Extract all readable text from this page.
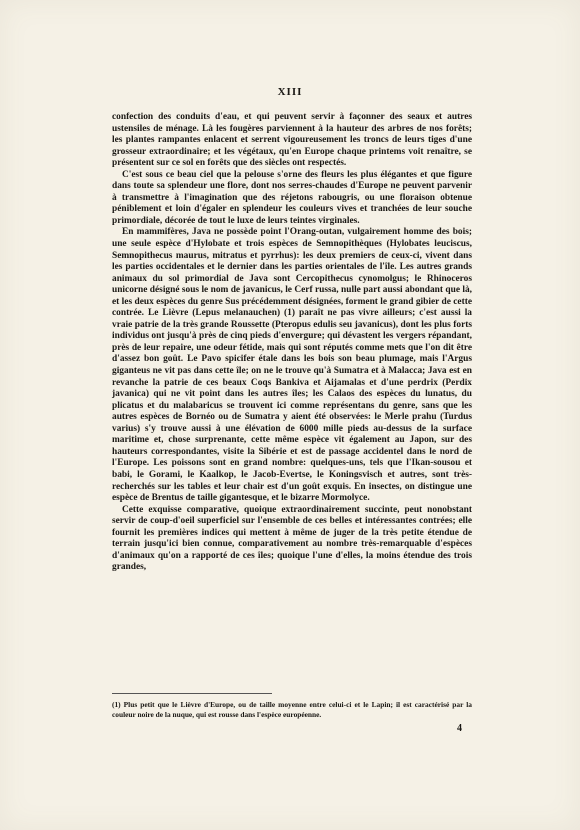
XIII

confection des conduits d'eau, et qui peuvent servir à façonner des seaux et autres ustensiles de ménage. Là les fougères parviennent à la hauteur des arbres de nos forêts; les plantes rampantes enlacent et serrent vigoureusement les troncs de leurs tiges d'une grosseur extraordinaire; et les végétaux, qu'en Europe chaque printems voit renaître, se présentent sur ce sol en forêts que des siècles ont respectés.

C'est sous ce beau ciel que la pelouse s'orne des fleurs les plus élégantes et que figure dans toute sa splendeur une flore, dont nos serres-chaudes d'Europe ne peuvent parvenir à transmettre à l'imagination que des réjetons rabougris, ou une floraison obtenue péniblement et loin d'égaler en splendeur les couleurs vives et tranchées de leur souche primordiale, décorée de tout le luxe de leurs teintes virginales.

En mammifères, Java ne possède point l'Orang-outan, vulgairement homme des bois; une seule espèce d'Hylobate et trois espèces de Semnopithèques (Hylobates leuciscus, Semnopithecus maurus, mitratus et pyrrhus): les deux premiers de ceux-ci, vivent dans les parties occidentales et le dernier dans les parties orientales de l'île. Les autres grands animaux du sol primordial de Java sont Cercopithecus cynomolgus; le Rhinoceros unicorne désigné sous le nom de javanicus, le Cerf russa, nulle part aussi abondant que là, et les deux espèces du genre Sus précédemment désignées, forment le grand gibier de cette contrée. Le Lièvre (Lepus melanauchen) (1) paraît ne pas vivre ailleurs; c'est aussi la vraie patrie de la très grande Roussette (Pteropus edulis seu javanicus), dont les plus forts individus ont jusqu'à près de cinq pieds d'envergure; qui dévastent les vergers répandant, près de leur repaire, une odeur fétide, mais qui sont réputés comme mets que l'on dit être d'assez bon goût. Le Pavo spicifer étale dans les bois son beau plumage, mais l'Argus giganteus ne vit pas dans cette île; on ne le trouve qu'à Sumatra et à Malacca; Java est en revanche la patrie de ces beaux Coqs Bankiva et Aijamalas et d'une perdrix (Perdix javanica) qui ne vit point dans les autres îles; les Calaos des espèces du lunatus, du plicatus et du malabaricus se trouvent ici comme représentans du genre, sans que les autres espèces de Bornéo ou de Sumatra y aient été observées: le Merle prahu (Turdus varius) s'y trouve aussi à une élévation de 6000 mille pieds au-dessus de la surface maritime et, chose surprenante, cette même espèce vit également au Japon, sur des hauteurs correspondantes, visite la Sibérie et est de passage accidentel dans le nord de l'Europe. Les poissons sont en grand nombre: quelques-uns, tels que l'Ikan-sousou et babi, le Gorami, le Kaalkop, le Jacob-Evertse, le Koningsvisch et autres, sont très-recherchés sur les tables et leur chair est d'un goût exquis. En insectes, on distingue une espèce de Brentus de taille gigantesque, et le bizarre Mormolyce.

Cette exquisse comparative, quoique extraordinairement succinte, peut nonobstant servir de coup-d'oeil superficiel sur l'ensemble de ces belles et intéressantes contrées; elle fournit les premières indices qui mettent à même de juger de la très petite étendue de terrain jusqu'ici bien connue, comparativement au nombre très-remarquable d'espèces d'animaux qu'on a rapporté de ces îles; quoique l'une d'elles, la moins étendue des trois grandes,

(1) Plus petit que le Lièvre d'Europe, ou de taille moyenne entre celui-ci et le Lapin; il est caractérisé par la couleur noire de la nuque, qui est rousse dans l'espèce européenne.
4
